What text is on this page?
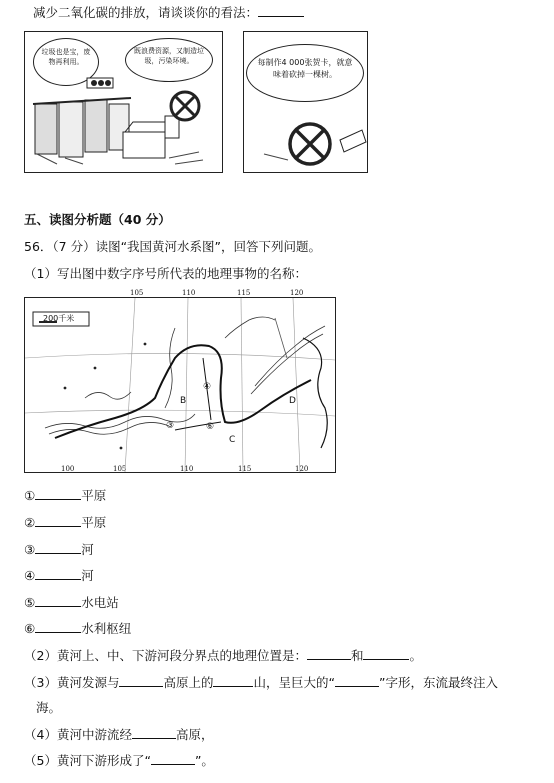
减少二氧化碳的排放，请谈谈你的看法：
垃圾也是宝，废物再利用。
既浪费资源，又制造垃圾，污染环境。	每制作4 000张贺卡，就意味着砍掉一棵树。
五、读图分析题（40 分）
56．（7 分）读图“我国黄河水系图”，回答下列问题。
（1）写出图中数字序号所代表的地理事物的名称：
105	110	115	120
100	105	110	115	120
200千米
B
C
D
③
④
⑥
①	平原
②	平原
③	河
④	河
⑤	水电站
⑥	水利枢纽
（2）黄河上、中、下游河段分界点的地理位置是：	和	。
（3）黄河发源与	高原上的	山，呈巨大的“	”字形，东流最终注入
海。
（4）黄河中游流经	高原，
（5）黄河下游形成了“	”。
